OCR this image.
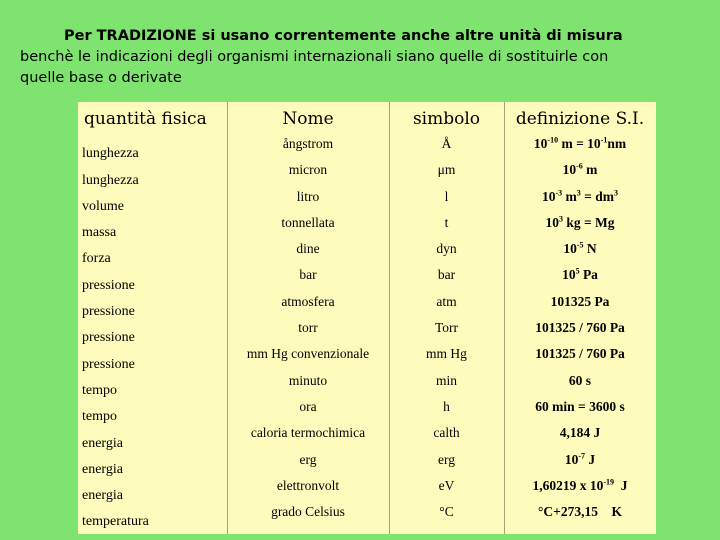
Per TRADIZIONE si usano correntemente anche altre unità di misura
benchè le indicazioni degli organismi internazionali siano quelle di sostituirle con
quelle base o derivate
quantità fisica	Nome	simbolo	definizione S.I.
lunghezza	ångstrom	Å	$10^{-10}$ $m = 10^{-1}nm$
lunghezza	micron	μm	$10^{-6}$ m
volume	litro	l	$10^{-3}$ $m^3 = dm^3$
massa	tonnellata	t	$10^3$ kg = Mg
forza	dine	dyn	$10^{-5}$ N
pressione	bar	bar	$10^5$ Pa
pressione	atmosfera	atm	101325 Pa
pressione	torr	Torr	101325 / 760 Pa
pressione	mm Hg convenzionale	mm Hg	101325 / 760 Pa
tempo	minuto	min	60 s
tempo	ora	h	60 min = 3600 s
energia	caloria termochimica	calth	4,184 J
energia	erg	erg	$10^{-7}$ J
energia	elettronvolt	eV	1,60219 x $10^{-19}$  J
temperatura	grado Celsius	°C	°C+273,15    K
